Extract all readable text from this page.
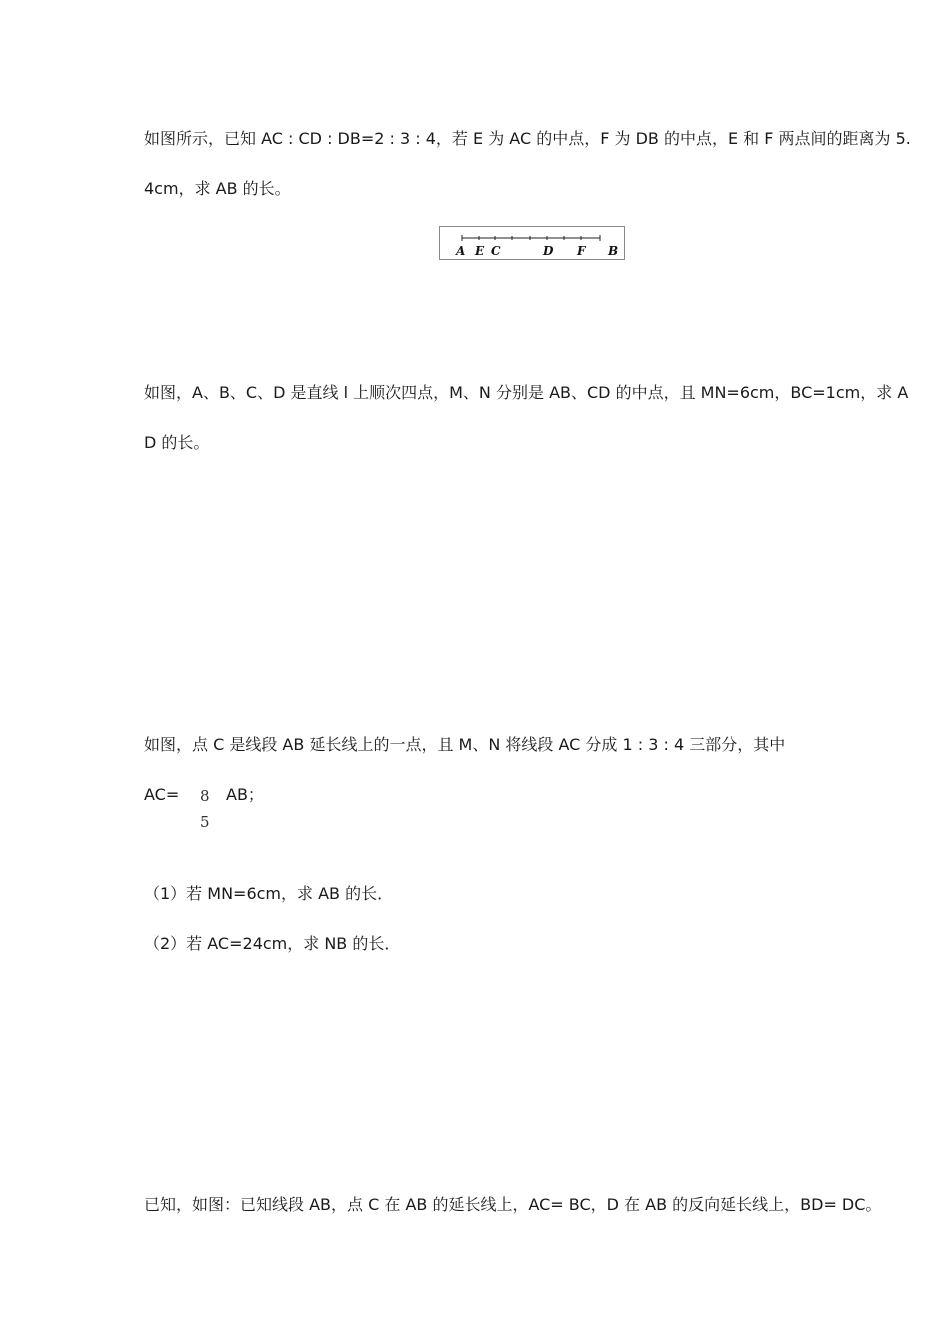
如图所示，已知 AC : CD : DB=2 : 3 : 4，若 E 为 AC 的中点，F 为 DB 的中点，E 和 F 两点间的距离为 5.
4cm，求 AB 的长。
A E C	D F B
如图，A、B、C、D 是直线 l 上顺次四点，M、N 分别是 AB、CD 的中点，且 MN=6cm，BC=1cm，求 A
D 的长。
如图，点 C 是线段 AB 延长线上的一点，且 M、N 将线段 AC 分成 1 : 3 : 4 三部分，其中
AC= 8
5
AB；
（1）若 MN=6cm，求 AB 的长．
（2）若 AC=24cm，求 NB 的长．
已知，如图：已知线段 AB，点 C 在 AB 的延长线上，AC= BC，D 在 AB 的反向延长线上，BD= DC。
